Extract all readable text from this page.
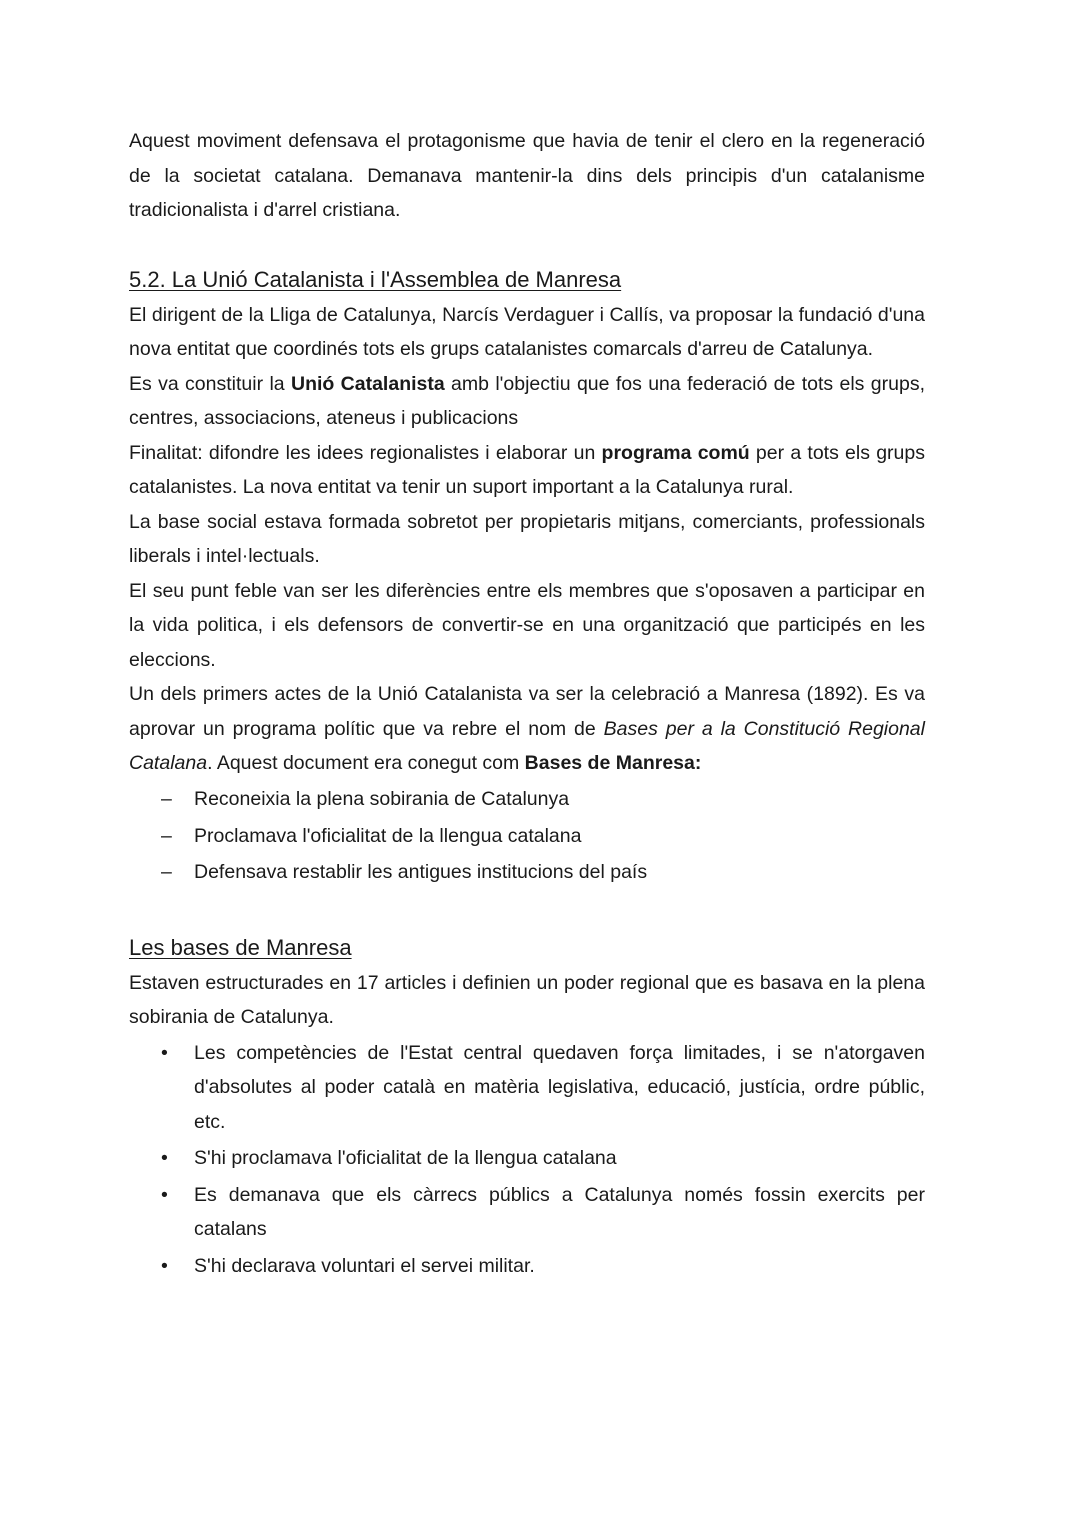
Aquest moviment defensava el protagonisme que havia de tenir el clero en la regeneració de la societat catalana. Demanava mantenir-la dins dels principis d'un catalanisme tradicionalista i d'arrel cristiana.

5.2. La Unió Catalanista i l'Assemblea de Manresa

El dirigent de la Lliga de Catalunya, Narcís Verdaguer i Callís, va proposar la fundació d'una nova entitat que coordinés tots els grups catalanistes comarcals d'arreu de Catalunya.

Es va constituir la Unió Catalanista amb l'objectiu que fos una federació de tots els grups, centres, associacions, ateneus i publicacions

Finalitat: difondre les idees regionalistes i elaborar un programa comú per a tots els grups catalanistes. La nova entitat va tenir un suport important a la Catalunya rural.

La base social estava formada sobretot per propietaris mitjans, comerciants, professionals liberals i intel·lectuals.

El seu punt feble van ser les diferències entre els membres que s'oposaven a participar en la vida politica, i els defensors de convertir-se en una organització que participés en les eleccions.

Un dels primers actes de la Unió Catalanista va ser la celebració a Manresa (1892). Es va aprovar un programa polític que va rebre el nom de Bases per a la Constitució Regional Catalana. Aquest document era conegut com Bases de Manresa:

– Reconeixia la plena sobirania de Catalunya
– Proclamava l'oficialitat de la llengua catalana
– Defensava restablir les antigues institucions del país
Les bases de Manresa

Estaven estructurades en 17 articles i definien un poder regional que es basava en la plena sobirania de Catalunya.

• Les competències de l'Estat central quedaven força limitades, i se n'atorgaven d'absolutes al poder català en matèria legislativa, educació, justícia, ordre públic, etc.
• S'hi proclamava l'oficialitat de la llengua catalana
• Es demanava que els càrrecs públics a Catalunya només fossin exercits per catalans
• S'hi declarava voluntari el servei militar.
